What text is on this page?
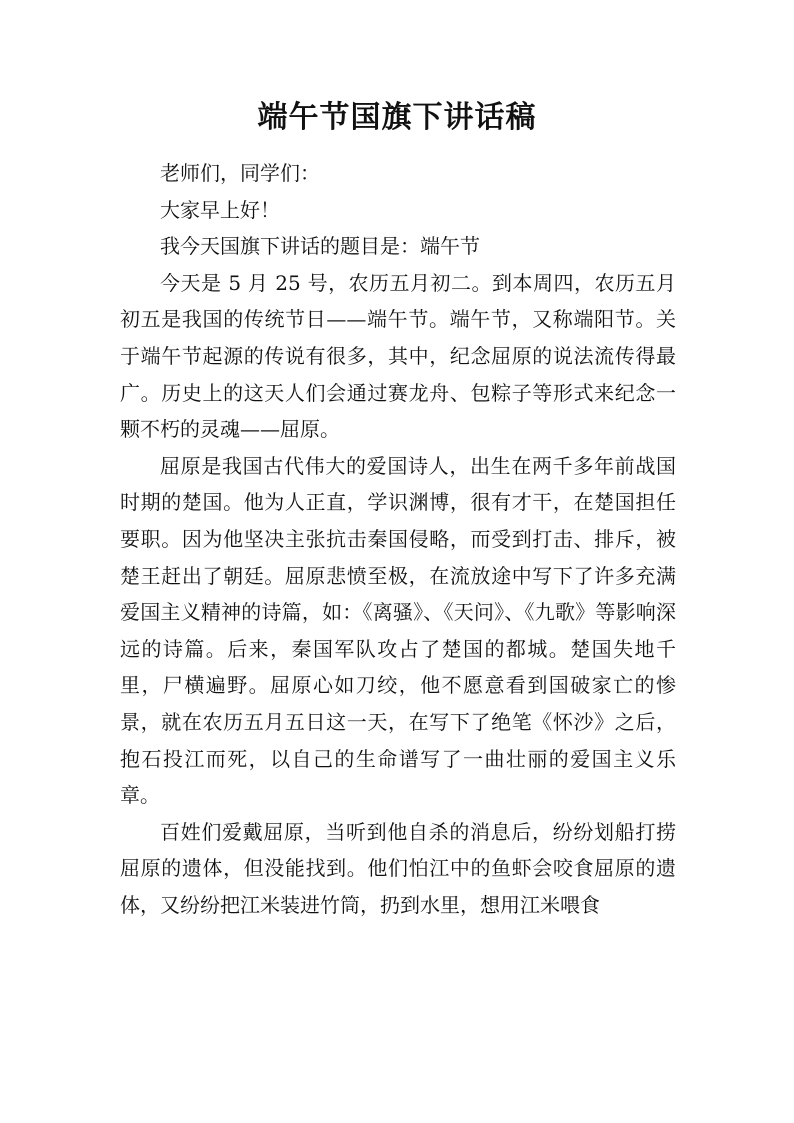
端午节国旗下讲话稿

老师们，同学们：

大家早上好！

我今天国旗下讲话的题目是：端午节

今天是 5 月 25 号，农历五月初二。到本周四，农历五月初五是我国的传统节日——端午节。端午节，又称端阳节。关于端午节起源的传说有很多，其中，纪念屈原的说法流传得最广。历史上的这天人们会通过赛龙舟、包粽子等形式来纪念一颗不朽的灵魂——屈原。

屈原是我国古代伟大的爱国诗人，出生在两千多年前战国时期的楚国。他为人正直，学识渊博，很有才干，在楚国担任要职。因为他坚决主张抗击秦国侵略，而受到打击、排斥，被楚王赶出了朝廷。屈原悲愤至极，在流放途中写下了许多充满爱国主义精神的诗篇，如：《离骚》、《天问》、《九歌》等影响深远的诗篇。后来，秦国军队攻占了楚国的都城。楚国失地千里，尸横遍野。屈原心如刀绞，他不愿意看到国破家亡的惨景，就在农历五月五日这一天，在写下了绝笔《怀沙》之后，抱石投江而死，以自己的生命谱写了一曲壮丽的爱国主义乐章。

百姓们爱戴屈原，当听到他自杀的消息后，纷纷划船打捞屈原的遗体，但没能找到。他们怕江中的鱼虾会咬食屈原的遗体，又纷纷把江米装进竹筒，扔到水里，想用江米喂食
